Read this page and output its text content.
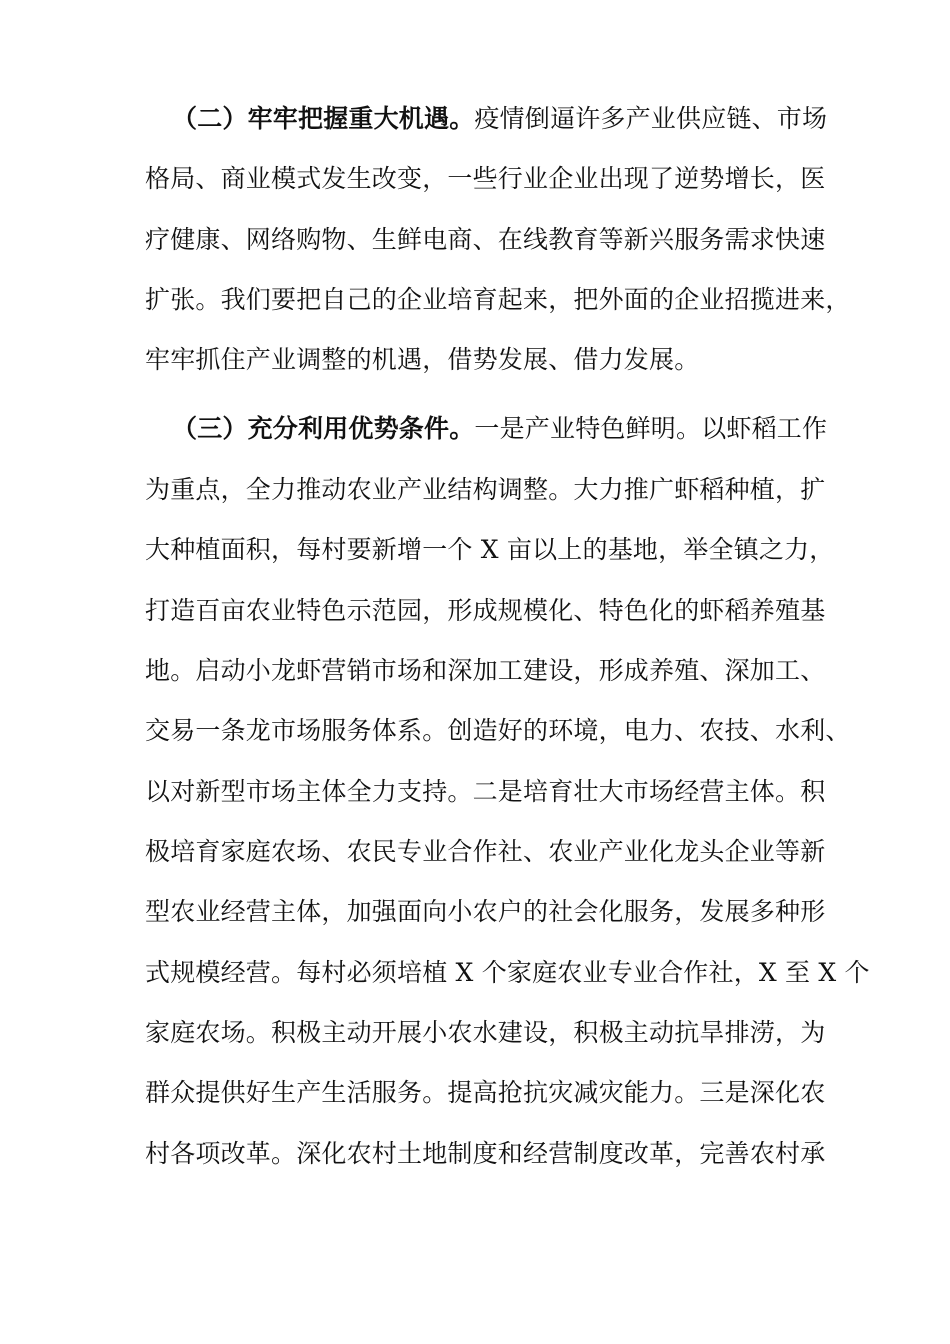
（二）牢牢把握重大机遇。疫情倒逼许多产业供应链、市场
格局、商业模式发生改变，一些行业企业出现了逆势增长，医
疗健康、网络购物、生鲜电商、在线教育等新兴服务需求快速
扩张。我们要把自己的企业培育起来，把外面的企业招揽进来，
牢牢抓住产业调整的机遇，借势发展、借力发展。
（三）充分利用优势条件。一是产业特色鲜明。以虾稻工作
为重点，全力推动农业产业结构调整。大力推广虾稻种植，扩
大种植面积，每村要新增一个 X 亩以上的基地，举全镇之力，
打造百亩农业特色示范园，形成规模化、特色化的虾稻养殖基
地。启动小龙虾营销市场和深加工建设，形成养殖、深加工、
交易一条龙市场服务体系。创造好的环境，电力、农技、水利、
以对新型市场主体全力支持。二是培育壮大市场经营主体。积
极培育家庭农场、农民专业合作社、农业产业化龙头企业等新
型农业经营主体，加强面向小农户的社会化服务，发展多种形
式规模经营。每村必须培植 X 个家庭农业专业合作社，X 至 X 个
家庭农场。积极主动开展小农水建设，积极主动抗旱排涝，为
群众提供好生产生活服务。提高抢抗灾减灾能力。三是深化农
村各项改革。深化农村土地制度和经营制度改革，完善农村承
